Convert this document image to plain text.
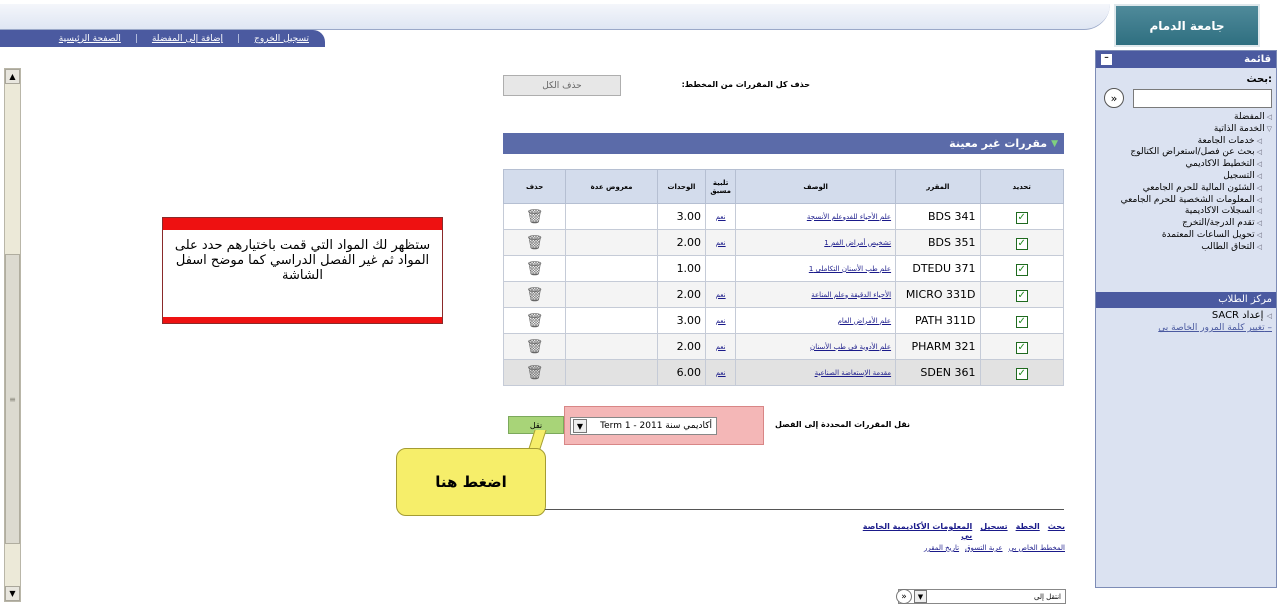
تسجيل الخروج
|
إضافة إلى المفضلة
|
الصفحة الرئيسية
جامعة الدمام
▲
≡
▼
حذف الكل	حذف كل المقررات من المخطط:
مقررات غير معينة ▼
حذف	معروض عدة	الوحدات	تلبية مسبق	الوصف	المقرر	تحديد
🗑		3.00	نعم	علم الأحياء للفدوعلم الأنسجة	BDS 341	✓
🗑		2.00	نعم	تشخيص أمراض الفم 1	BDS 351	✓
🗑		1.00		علم طب الأسنان التكاملي 1	DTEDU 371	✓
🗑		2.00	نعم	الأحياء الدقيقة وعلم المناعة	MICRO 331D	✓
🗑		3.00	نعم	علم الأمراض العام	PATH 311D	✓
🗑		2.00	نعم	علم الأدوية في طب الأسنان	PHARM 321	✓
🗑		6.00	نعم	مقدمة الإستعاضة الصناعية	SDEN 361	✓
نقل المقررات المحددة إلى الفصل
أكاديمي سنة 2011 - Term 1
▼
نقل
ستظهر لك المواد التي قمت باختيارهم حدد على المواد ثم غير الفصل الدراسي كما موضح اسفل الشاشة
اضغط هنا
بحث
الخطة
تسجيل
المعلومات الأكاديمية الخاصة بي
المخطط الخاص بي
عربة التسوق
تاريخ المقرر
انتقل إلى
▼
»
قائمة
–
بحث:
»
◁المفضلة
▽الخدمة الذاتية
◁خدمات الجامعة
◁بحث عن فصل/استعراض الكتالوج
◁التخطيط الأكاديمي
◁التسجيل
◁الشئون المالية للحرم الجامعي
◁المعلومات الشخصية للحرم الجامعي
◁السجلات الأكاديمية
◁تقدم الدرجة/التخرج
◁تحويل الساعات المعتمدة
◁التحاق الطالب
مركز الطلاب
◁ إعداد SACR
– تغيير كلمة المرور الخاصة بي
